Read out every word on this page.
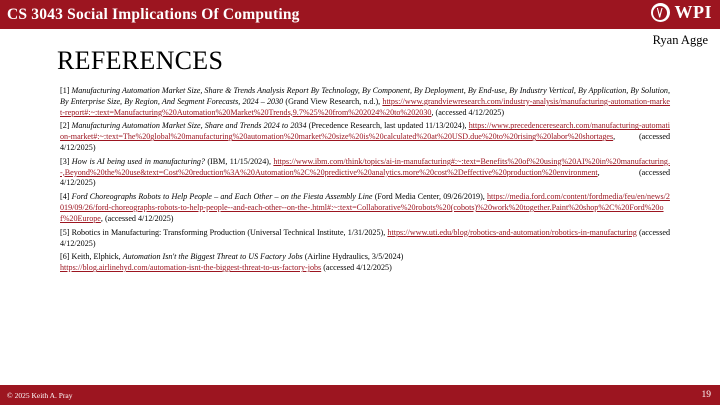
CS 3043 Social Implications Of Computing	WPI
Ryan Agge
REFERENCES
[1] Manufacturing Automation Market Size, Share & Trends Analysis Report By Technology, By Component, By Deployment, By End-use, By Industry Vertical, By Application, By Solution, By Enterprise Size, By Region, And Segment Forecasts, 2024 – 2030 (Grand View Research, n.d.), https://www.grandviewresearch.com/industry-analysis/manufacturing-automation-market-report#:~:text=Manufacturing%20Automation%20Market%20Trends,9.7%25%20from%202024%20to%202030, (accessed 4/12/2025)
[2] Manufacturing Automation Market Size, Share and Trends 2024 to 2034 (Precedence Research, last updated 11/13/2024), https://www.precedenceresearch.com/manufacturing-automation-market#:~:text=The%20global%20manufacturing%20automation%20market%20size%20is%20calculated%20at%20USD.due%20to%20rising%20labor%20shortages, (accessed 4/12/2025)
[3] How is AI being used in manufacturing? (IBM, 11/15/2024), https://www.ibm.com/think/topics/ai-in-manufacturing#:~:text=Benefits%20of%20using%20AI%20in%20manufacturing.-,Beyond%20the%20use&text=Cost%20reduction%3A%20Automation%2C%20predictive%20analytics.more%20cost%2Deffective%20production%20environment, (accessed 4/12/2025)
[4] Ford Choreographs Robots to Help People – and Each Other – on the Fiesta Assembly Line (Ford Media Center, 09/26/2019), https://media.ford.com/content/fordmedia/feu/en/news/2019/09/26/ford-choreographs-robots-to-help-people--and-each-other--on-the-.html#:~:text=Collaborative%20robots%20(cobots)%20work%20together.Paint%20shop%2C%20Ford%20of%20Europe, (accessed 4/12/2025)
[5] Robotics in Manufacturing: Transforming Production (Universal Technical Institute, 1/31/2025), https://www.uti.edu/blog/robotics-and-automation/robotics-in-manufacturing (accessed 4/12/2025)
[6] Keith, Elphick, Automation Isn't the Biggest Threat to US Factory Jobs (Airline Hydraulics, 3/5/2024)
https://blog.airlinehyd.com/automation-isnt-the-biggest-threat-to-us-factory-jobs (accessed 4/12/2025)
© 2025 Keith A. Pray	19
